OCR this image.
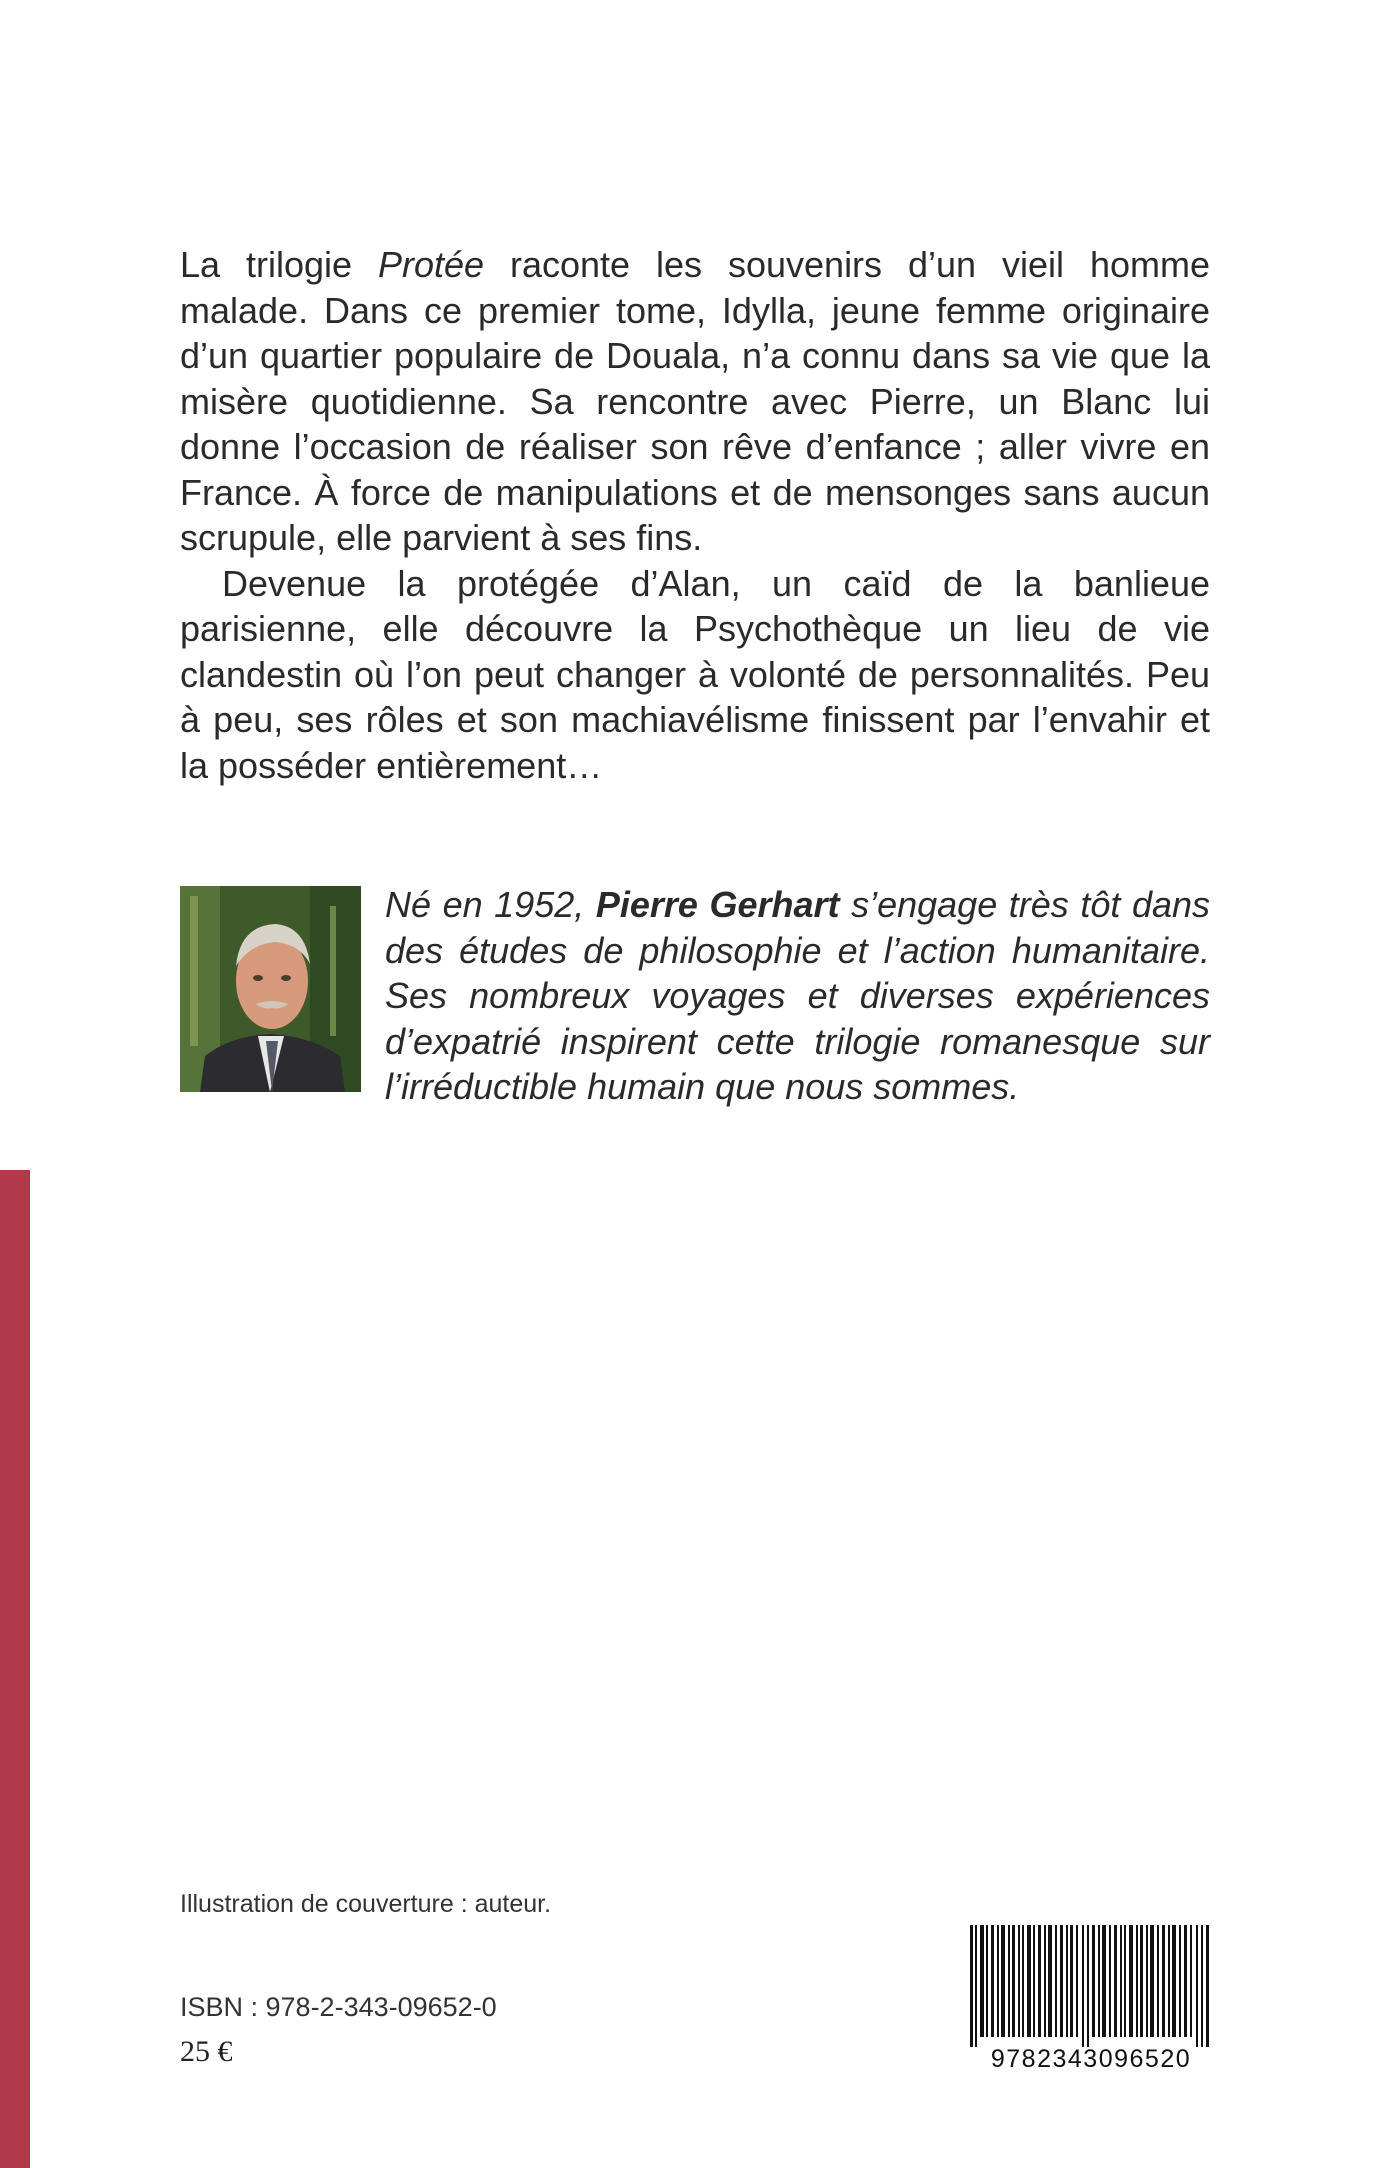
La trilogie Protée raconte les souvenirs d’un vieil homme malade. Dans ce premier tome, Idylla, jeune femme originaire d’un quartier populaire de Douala, n’a connu dans sa vie que la misère quotidienne. Sa rencontre avec Pierre, un Blanc lui donne l’occasion de réaliser son rêve d’enfance ; aller vivre en France. À force de manipulations et de mensonges sans aucun scrupule, elle parvient à ses fins.

Devenue la protégée d’Alan, un caïd de la banlieue parisienne, elle découvre la Psychothèque un lieu de vie clandestin où l’on peut changer à volonté de personnalités. Peu à peu, ses rôles et son machiavélisme finissent par l’envahir et la posséder entièrement…

Né en 1952, Pierre Gerhart s’engage très tôt dans des études de philosophie et l’action humanitaire. Ses nombreux voyages et diverses expériences d’expatrié inspirent cette trilogie romanesque sur l’irréductible humain que nous sommes.

Illustration de couverture : auteur.
ISBN : 978-2-343-09652-0
25 €	9782343096520
